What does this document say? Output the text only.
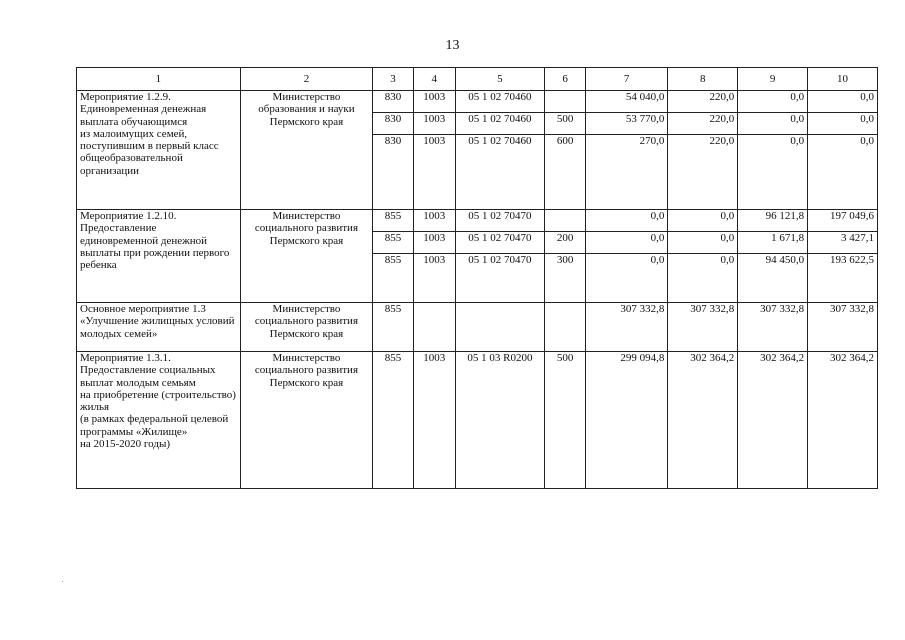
13
1	2	3	4	5	6	7	8	9	10
Мероприятие 1.2.9.
Единовременная денежная выплата обучающимся
из малоимущих семей,
поступившим в первый класс
общеобразовательной организации	Министерство образования и науки Пермского края	830	1003	05 1 02 70460		54 040,0	220,0	0,0	0,0
		830	1003	05 1 02 70460	500	53 770,0	220,0	0,0	0,0
		830	1003	05 1 02 70460	600	270,0	220,0	0,0	0,0
Мероприятие 1.2.10.
Предоставление единовременной денежной выплаты при рождении первого ребенка	Министерство социального развития Пермского края	855	1003	05 1 02 70470		0,0	0,0	96 121,8	197 049,6
		855	1003	05 1 02 70470	200	0,0	0,0	1 671,8	3 427,1
		855	1003	05 1 02 70470	300	0,0	0,0	94 450,0	193 622,5
Основное мероприятие 1.3
«Улучшение жилищных условий молодых семей»	Министерство социального развития Пермского края	855				307 332,8	307 332,8	307 332,8	307 332,8
Мероприятие 1.3.1.
Предоставление социальных выплат молодым семьям
на приобретение (строительство) жилья
(в рамках федеральной целевой программы «Жилище»
на 2015-2020 годы)	Министерство социального развития Пермского края	855	1003	05 1 03 R0200	500	299 094,8	302 364,2	302 364,2	302 364,2
